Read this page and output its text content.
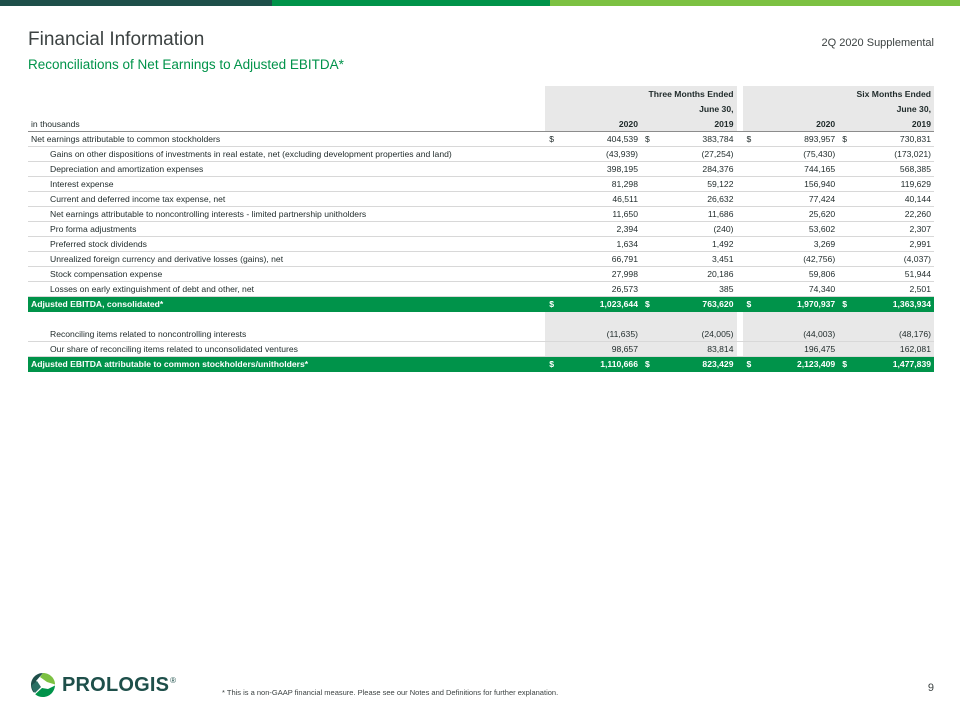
Financial Information
Reconciliations of Net Earnings to Adjusted EBITDA*
2Q 2020 Supplemental
		Three Months Ended					Six Months Ended			
		June 30,					June 30,			
in thousands		2020		2019			2020		2019	
Net earnings attributable to common stockholders		$	404,539	$	383,784		$	893,957	$	730,831
Gains on other dispositions of investments in real estate, net (excluding development properties and land)			(43,939)		(27,254)			(75,430)		(173,021)
Depreciation and amortization expenses			398,195		284,376			744,165		568,385
Interest expense			81,298		59,122			156,940		119,629
Current and deferred income tax expense, net			46,511		26,632			77,424		40,144
Net earnings attributable to noncontrolling interests - limited partnership unitholders			11,650		11,686			25,620		22,260
Pro forma adjustments			2,394		(240)			53,602		2,307
Preferred stock dividends			1,634		1,492			3,269		2,991
Unrealized foreign currency and derivative losses (gains), net			66,791		3,451			(42,756)		(4,037)
Stock compensation expense			27,998		20,186			59,806		51,944
Losses on early extinguishment of debt and other, net			26,573		385			74,340		2,501
Adjusted EBITDA, consolidated*		$	1,023,644	$	763,620		$	1,970,937	$	1,363,934

Reconciling items related to noncontrolling interests			(11,635)		(24,005)			(44,003)		(48,176)
Our share of reconciling items related to unconsolidated ventures			98,657		83,814			196,475		162,081
Adjusted EBITDA attributable to common stockholders/unitholders*		$	1,110,666	$	823,429		$	2,123,409	$	1,477,839
PROLOGIS ®
* This is a non-GAAP financial measure. Please see our Notes and Definitions for further explanation.	9
